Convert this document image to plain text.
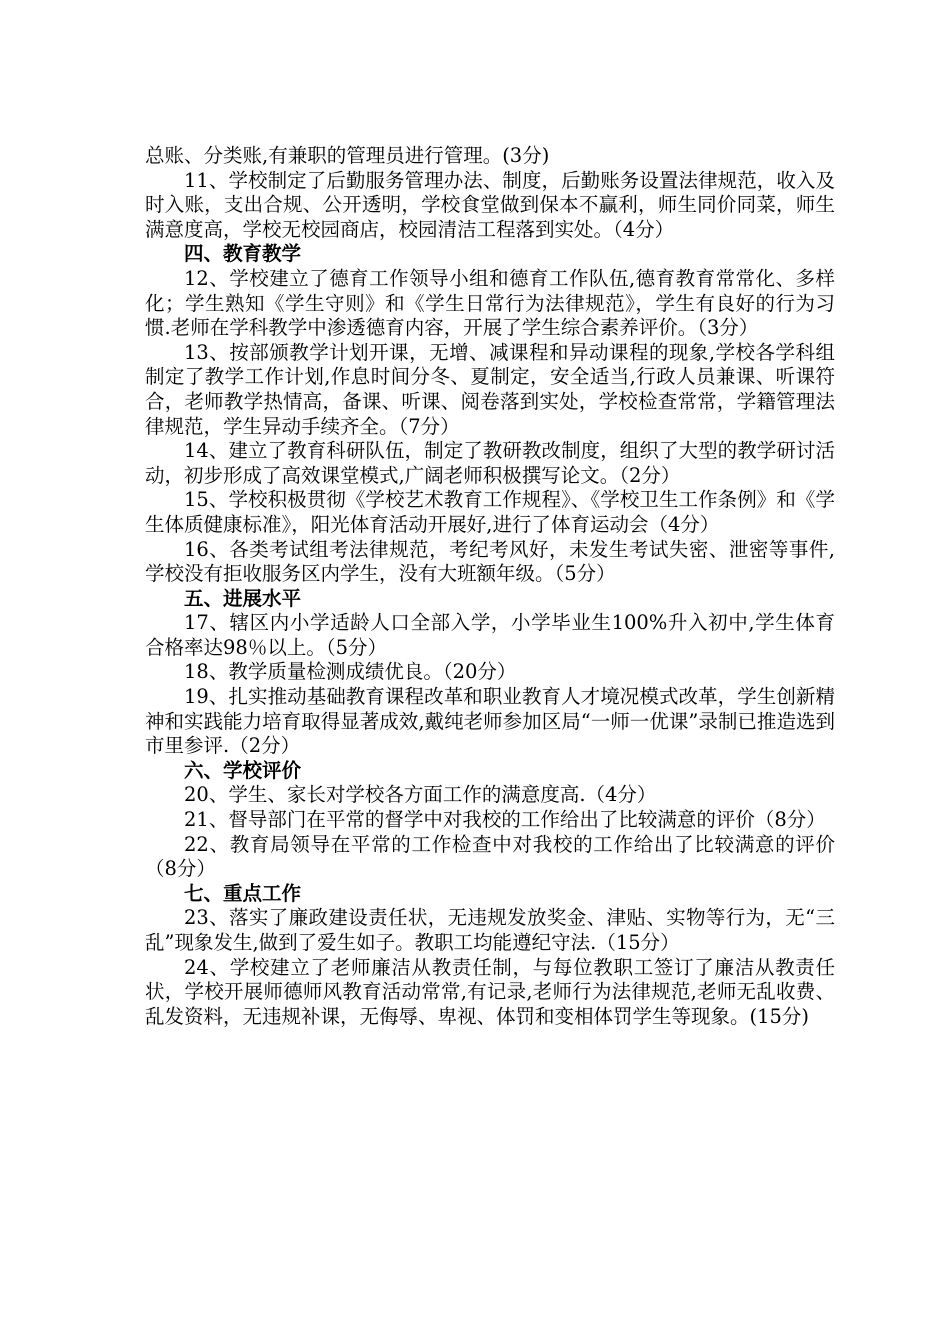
总账、分类账,有兼职的管理员进行管理。(3分)

11、学校制定了后勤服务管理办法、制度，后勤账务设置法律规范，收入及时入账，支出合规、公开透明，学校食堂做到保本不赢利，师生同价同菜，师生满意度高，学校无校园商店，校园清洁工程落到实处。（4分）

四、教育教学

12、学校建立了德育工作领导小组和德育工作队伍,德育教育常常化、多样化；学生熟知《学生守则》和《学生日常行为法律规范》，学生有良好的行为习惯.老师在学科教学中渗透德育内容，开展了学生综合素养评价。（3分）

13、按部颁教学计划开课，无增、减课程和异动课程的现象,学校各学科组制定了教学工作计划,作息时间分冬、夏制定，安全适当,行政人员兼课、听课符合，老师教学热情高，备课、听课、阅卷落到实处，学校检查常常，学籍管理法律规范，学生异动手续齐全。（7分）

14、建立了教育科研队伍，制定了教研教改制度，组织了大型的教学研讨活动，初步形成了高效课堂模式,广阔老师积极撰写论文。（2分）

15、学校积极贯彻《学校艺术教育工作规程》、《学校卫生工作条例》和《学生体质健康标准》，阳光体育活动开展好,进行了体育运动会（4分）

16、各类考试组考法律规范，考纪考风好，未发生考试失密、泄密等事件,学校没有拒收服务区内学生，没有大班额年级。（5分）

五、进展水平

17、辖区内小学适龄人口全部入学，小学毕业生100%升入初中,学生体育合格率达98％以上。（5分）

18、教学质量检测成绩优良。（20分）

19、扎实推动基础教育课程改革和职业教育人才境况模式改革，学生创新精神和实践能力培育取得显著成效,戴纯老师参加区局“一师一优课”录制已推造选到市里参评.（2分）

六、学校评价

20、学生、家长对学校各方面工作的满意度高.（4分）

21、督导部门在平常的督学中对我校的工作给出了比较满意的评价（8分）

22、教育局领导在平常的工作检查中对我校的工作给出了比较满意的评价（8分）

七、重点工作

23、落实了廉政建设责任状，无违规发放奖金、津贴、实物等行为，无“三乱”现象发生,做到了爱生如子。教职工均能遵纪守法.（15分）

24、学校建立了老师廉洁从教责任制，与每位教职工签订了廉洁从教责任状，学校开展师德师风教育活动常常,有记录,老师行为法律规范,老师无乱收费、乱发资料，无违规补课，无侮辱、卑视、体罚和变相体罚学生等现象。(15分)
